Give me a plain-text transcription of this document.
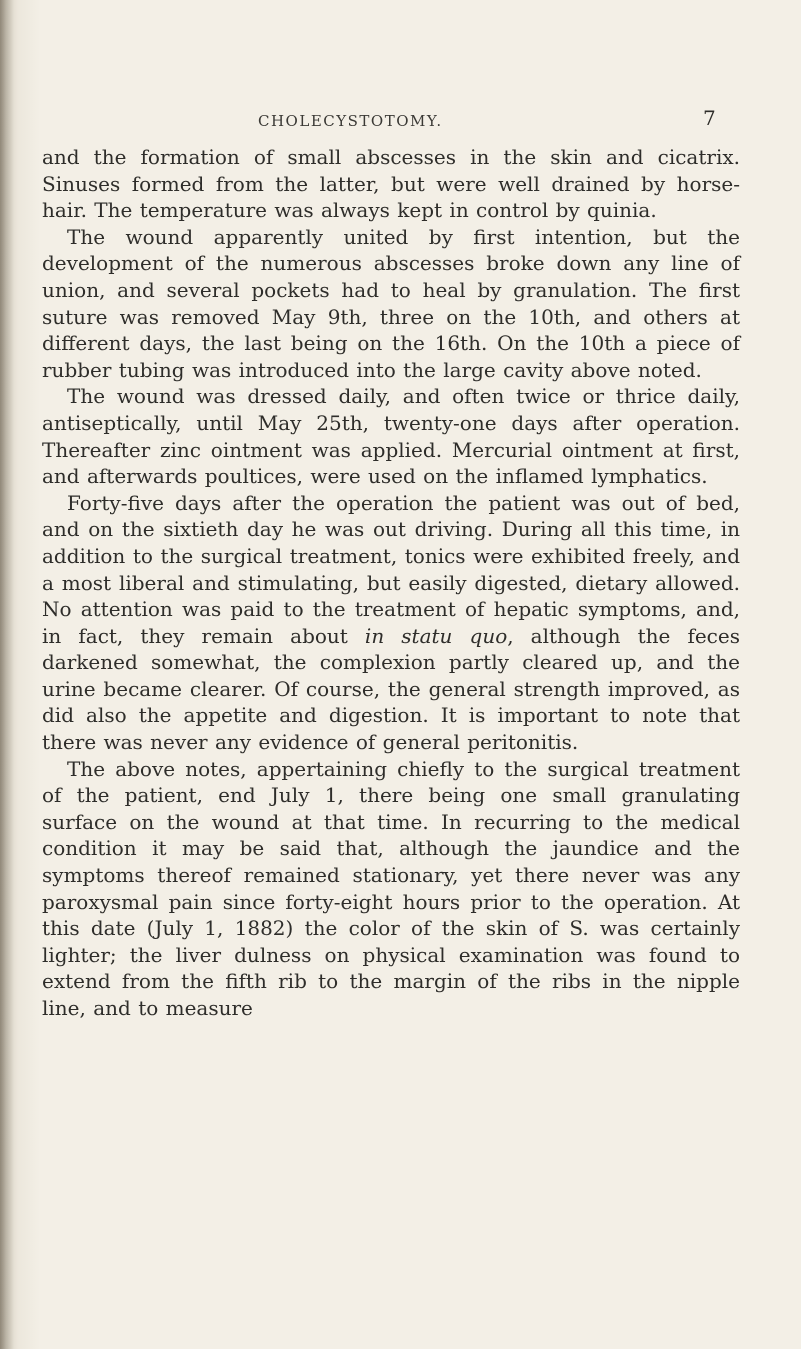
CHOLECYSTOTOMY.	7

and the formation of small abscesses in the skin and cicatrix. Sinuses formed from the latter, but were well drained by horse-hair. The temperature was always kept in control by quinia.

The wound apparently united by first intention, but the development of the numerous abscesses broke down any line of union, and several pockets had to heal by granulation. The first suture was removed May 9th, three on the 10th, and others at different days, the last being on the 16th. On the 10th a piece of rubber tubing was introduced into the large cavity above noted.

The wound was dressed daily, and often twice or thrice daily, antiseptically, until May 25th, twenty-one days after operation. Thereafter zinc ointment was applied. Mercurial ointment at first, and afterwards poultices, were used on the inflamed lymphatics.

Forty-five days after the operation the patient was out of bed, and on the sixtieth day he was out driving. During all this time, in addition to the surgical treatment, tonics were exhibited freely, and a most liberal and stimulating, but easily digested, dietary allowed. No attention was paid to the treatment of hepatic symptoms, and, in fact, they remain about in statu quo, although the feces darkened somewhat, the complexion partly cleared up, and the urine became clearer. Of course, the general strength improved, as did also the appetite and digestion. It is important to note that there was never any evidence of general peritonitis.

The above notes, appertaining chiefly to the surgical treatment of the patient, end July 1, there being one small granulating surface on the wound at that time. In recurring to the medical condition it may be said that, although the jaundice and the symptoms thereof remained stationary, yet there never was any paroxysmal pain since forty-eight hours prior to the operation. At this date (July 1, 1882) the color of the skin of S. was certainly lighter; the liver dulness on physical examination was found to extend from the fifth rib to the margin of the ribs in the nipple line, and to measure
